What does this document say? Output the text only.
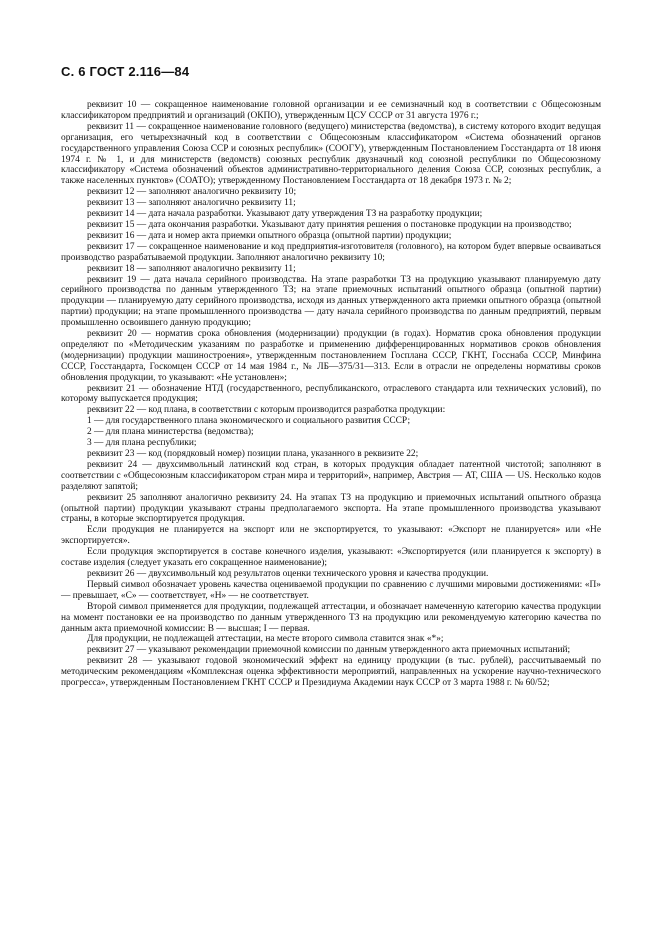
С. 6 ГОСТ 2.116—84

реквизит 10 — сокращенное наименование головной организации и ее семизначный код в соответствии с Общесоюзным классификатором предприятий и организаций (ОКПО), утвержденным ЦСУ СССР от 31 августа 1976 г.;

реквизит 11 — сокращенное наименование головного (ведущего) министерства (ведомства), в систему которого входит ведущая организация, его четырехзначный код в соответствии с Общесоюзным классификатором «Система обозначений органов государственного управления Союза ССР и союзных республик» (СООГУ), утвержденным Постановлением Госстандарта от 18 июня 1974 г. № 1, и для министерств (ведомств) союзных республик двузначный код союзной республики по Общесоюзному классификатору «Система обозначений объектов административно-территориального деления Союза ССР, союзных республик, а также населенных пунктов» (СОАТО); утвержденному Постановлением Госстандарта от 18 декабря 1973 г. № 2;

реквизит 12 — заполняют аналогично реквизиту 10;

реквизит 13 — заполняют аналогично реквизиту 11;

реквизит 14 — дата начала разработки. Указывают дату утверждения ТЗ на разработку продукции;

реквизит 15 — дата окончания разработки. Указывают дату принятия решения о постановке продукции на производство;

реквизит 16 — дата и номер акта приемки опытного образца (опытной партии) продукции;

реквизит 17 — сокращенное наименование и код предприятия-изготовителя (головного), на котором будет впервые осваиваться производство разрабатываемой продукции. Заполняют аналогично реквизиту 10;

реквизит 18 — заполняют аналогично реквизиту 11;

реквизит 19 — дата начала серийного производства. На этапе разработки ТЗ на продукцию указывают планируемую дату серийного производства по данным утвержденного ТЗ; на этапе приемочных испытаний опытного образца (опытной партии) продукции — планируемую дату серийного производства, исходя из данных утвержденного акта приемки опытного образца (опытной партии) продукции; на этапе промышленного производства — дату начала серийного производства по данным предприятий, первым промышленно освоившего данную продукцию;

реквизит 20 — норматив срока обновления (модернизации) продукции (в годах). Норматив срока обновления продукции определяют по «Методическим указаниям по разработке и применению дифференцированных нормативов сроков обновления (модернизации) продукции машиностроения», утвержденным постановлением Госплана СССР, ГКНТ, Госснаба СССР, Минфина СССР, Госстандарта, Госкомцен СССР от 14 мая 1984 г., № ЛБ—375/31—313. Если в отрасли не определены нормативы сроков обновления продукции, то указывают: «Не установлен»;

реквизит 21 — обозначение НТД (государственного, республиканского, отраслевого стандарта или технических условий), по которому выпускается продукция;

реквизит 22 — код плана, в соответствии с которым производится разработка продукции:

1 — для государственного плана экономического и социального развития СССР;

2 — для плана министерства (ведомства);

3 — для плана республики;

реквизит 23 — код (порядковый номер) позиции плана, указанного в реквизите 22;

реквизит 24 — двухсимвольный латинский код стран, в которых продукция обладает патентной чистотой; заполняют в соответствии с «Общесоюзным классификатором стран мира и территорий», например, Австрия — АТ, США — US. Несколько кодов разделяют запятой;

реквизит 25 заполняют аналогично реквизиту 24. На этапах ТЗ на продукцию и приемочных испытаний опытного образца (опытной партии) продукции указывают страны предполагаемого экспорта. На этапе промышленного производства указывают страны, в которые экспортируется продукция.

Если продукция не планируется на экспорт или не экспортируется, то указывают: «Экспорт не планируется» или «Не экспортируется».

Если продукция экспортируется в составе конечного изделия, указывают: «Экспортируется (или планируется к экспорту) в составе изделия (следует указать его сокращенное наименование);

реквизит 26 — двухсимвольный код результатов оценки технического уровня и качества продукции.

Первый символ обозначает уровень качества оцениваемой продукции по сравнению с лучшими мировыми достижениями: «П» — превышает, «С» — соответствует, «Н» — не соответствует.

Второй символ применяется для продукции, подлежащей аттестации, и обозначает намеченную категорию качества продукции на момент постановки ее на производство по данным утвержденного ТЗ на продукцию или рекомендуемую категорию качества по данным акта приемочной комиссии: В — высшая; I — первая.

Для продукции, не подлежащей аттестации, на месте второго символа ставится знак «*»;

реквизит 27 — указывают рекомендации приемочной комиссии по данным утвержденного акта приемочных испытаний;

реквизит 28 — указывают годовой экономический эффект на единицу продукции (в тыс. рублей), рассчитываемый по методическим рекомендациям «Комплексная оценка эффективности мероприятий, направленных на ускорение научно-технического прогресса», утвержденным Постановлением ГКНТ СССР и Президиума Академии наук СССР от 3 марта 1988 г. № 60/52;
